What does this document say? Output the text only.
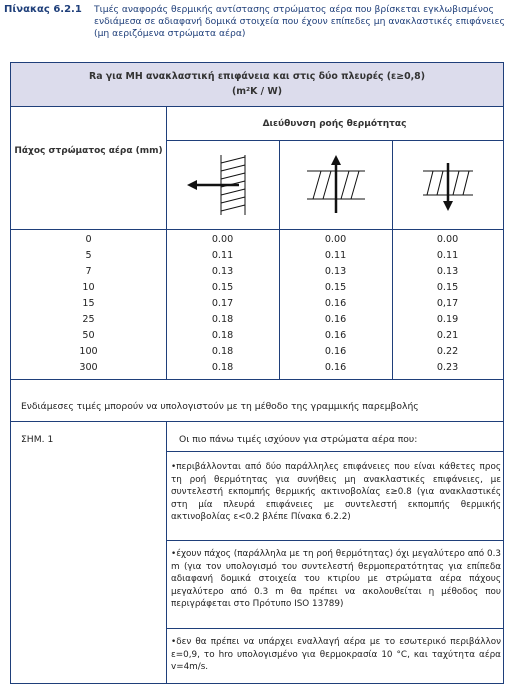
Πίνακας 6.2.1 Τιμές αναφοράς θερμικής αντίστασης στρώματος αέρα που βρίσκεται εγκλωβισμένος ενδιάμεσα σε αδιαφανή δομικά στοιχεία που έχουν επίπεδες μη ανακλαστικές επιφάνειες (μη αεριζόμενα στρώματα αέρα)
Ra για ΜΗ ανακλαστική επιφάνεια και στις δύο πλευρές (ε≥0,8)
(m²K / W)
Πάχος στρώματος αέρα (mm)
Διεύθυνση ροής θερμότητας
0	0.00	0.00	0.00
5	0.11	0.11	0.11
7	0.13	0.13	0.13
10	0.15	0.15	0.15
15	0.17	0.16	0,17
25	0.18	0.16	0.19
50	0.18	0.16	0.21
100	0.18	0.16	0.22
300	0.18	0.16	0.23
Ενδιάμεσες τιμές μπορούν να υπολογιστούν με τη μέθοδο της γραμμικής παρεμβολής
ΣΗΜ. 1	Οι πιο πάνω τιμές ισχύουν για στρώματα αέρα που:
•περιβάλλονται από δύο παράλληλες επιφάνειες που είναι κάθετες προς τη ροή θερμότητας για συνήθεις μη ανακλαστικές επιφάνειες, με συντελεστή εκπομπής θερμικής ακτινοβολίας ε≥0.8 (για ανακλαστικές στη μία πλευρά επιφάνειες με συντελεστή εκπομπής θερμικής ακτινοβολίας ε<0.2 βλέπε Πίνακα 6.2.2)
•έχουν πάχος (παράλληλα με τη ροή θερμότητας) όχι μεγαλύτερο από 0.3 m (για τον υπολογισμό του συντελεστή θερμοπερατότητας για επίπεδα αδιαφανή δομικά στοιχεία του κτιρίου με στρώματα αέρα πάχους μεγαλύτερο από 0.3 m θα πρέπει να ακολουθείται η μέθοδος που περιγράφεται στο Πρότυπο ISO 13789)
•δεν θα πρέπει να υπάρχει εναλλαγή αέρα με το εσωτερικό περιβάλλον ε=0,9, το hro υπολογισμένο για θερμοκρασία 10 °C, και ταχύτητα αέρα v=4m/s.
